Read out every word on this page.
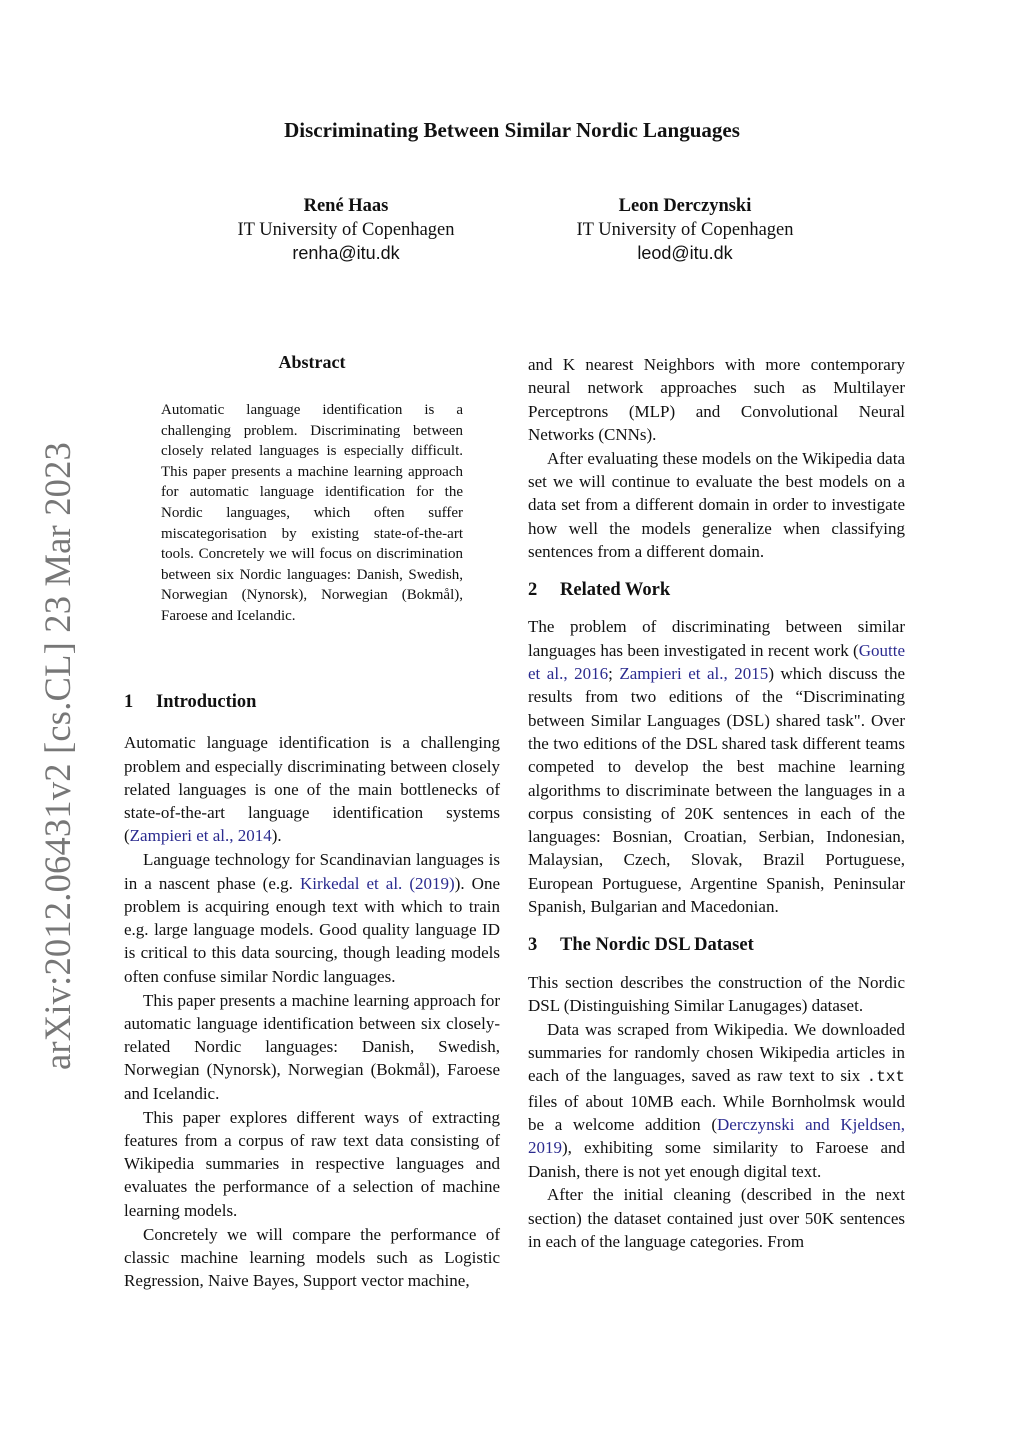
Discriminating Between Similar Nordic Languages
René Haas
IT University of Copenhagen
renha@itu.dk
Leon Derczynski
IT University of Copenhagen
leod@itu.dk
arXiv:2012.06431v2 [cs.CL] 23 Mar 2023
Abstract
Automatic language identification is a challenging problem. Discriminating between closely related languages is especially difficult. This paper presents a machine learning approach for automatic language identification for the Nordic languages, which often suffer miscategorisation by existing state-of-the-art tools. Concretely we will focus on discrimination between six Nordic languages: Danish, Swedish, Norwegian (Nynorsk), Norwegian (Bokmål), Faroese and Icelandic.
1 Introduction

Automatic language identification is a challenging problem and especially discriminating between closely related languages is one of the main bottlenecks of state-of-the-art language identification systems (Zampieri et al., 2014).

Language technology for Scandinavian languages is in a nascent phase (e.g. Kirkedal et al. (2019)). One problem is acquiring enough text with which to train e.g. large language models. Good quality language ID is critical to this data sourcing, though leading models often confuse similar Nordic languages.

This paper presents a machine learning approach for automatic language identification between six closely-related Nordic languages: Danish, Swedish, Norwegian (Nynorsk), Norwegian (Bokmål), Faroese and Icelandic.

This paper explores different ways of extracting features from a corpus of raw text data consisting of Wikipedia summaries in respective languages and evaluates the performance of a selection of machine learning models.

Concretely we will compare the performance of classic machine learning models such as Logistic Regression, Naive Bayes, Support vector machine,

and K nearest Neighbors with more contemporary neural network approaches such as Multilayer Perceptrons (MLP) and Convolutional Neural Networks (CNNs).

After evaluating these models on the Wikipedia data set we will continue to evaluate the best models on a data set from a different domain in order to investigate how well the models generalize when classifying sentences from a different domain.

2 Related Work

The problem of discriminating between similar languages has been investigated in recent work (Goutte et al., 2016; Zampieri et al., 2015) which discuss the results from two editions of the “Discriminating between Similar Languages (DSL) shared task". Over the two editions of the DSL shared task different teams competed to develop the best machine learning algorithms to discriminate between the languages in a corpus consisting of 20K sentences in each of the languages: Bosnian, Croatian, Serbian, Indonesian, Malaysian, Czech, Slovak, Brazil Portuguese, European Portuguese, Argentine Spanish, Peninsular Spanish, Bulgarian and Macedonian.

3 The Nordic DSL Dataset

This section describes the construction of the Nordic DSL (Distinguishing Similar Lanugages) dataset.

Data was scraped from Wikipedia. We downloaded summaries for randomly chosen Wikipedia articles in each of the languages, saved as raw text to six .txt files of about 10MB each. While Bornholmsk would be a welcome addition (Derczynski and Kjeldsen, 2019), exhibiting some similarity to Faroese and Danish, there is not yet enough digital text.

After the initial cleaning (described in the next section) the dataset contained just over 50K sentences in each of the language categories. From
